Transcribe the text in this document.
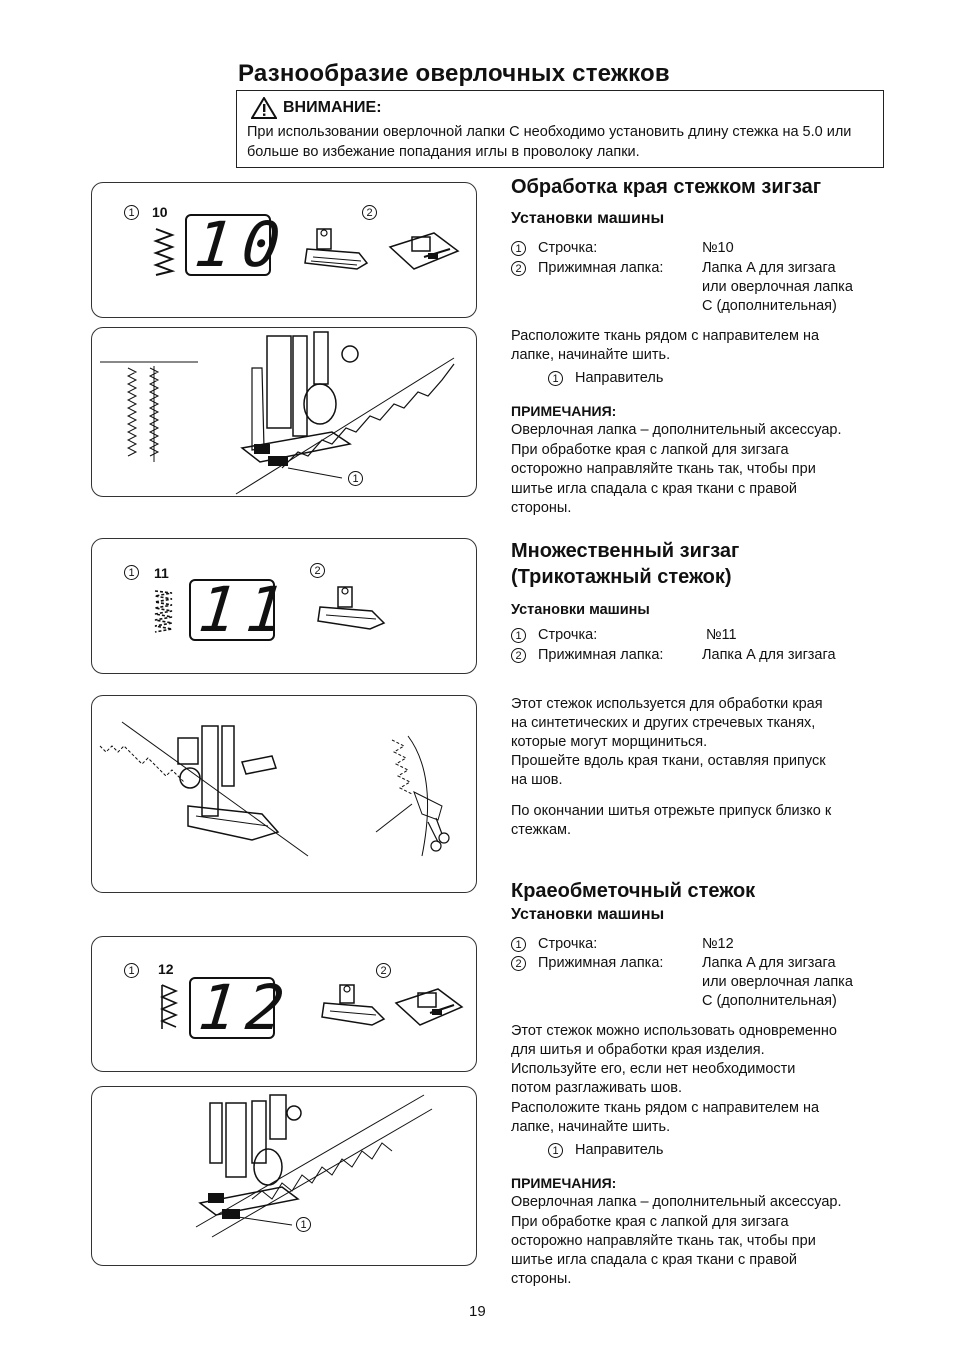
Разнообразие оверлочных стежков
ВНИМАНИЕ:
При использовании оверлочной лапки С необходимо установить длину стежка на 5.0 или больше во избежание попадания иглы в проволоку лапки.
1	10 10	2
1
Обработка края стежком зигзаг
Установки машины
1	Строчка:	№10
2	Прижимная лапка:	Лапка A для зигзага
или оверлочная лапка
С (дополнительная)
Расположите ткань рядом с направителем на
лапке, начинайте шить.
1	Направитель
ПРИМЕЧАНИЯ:
Оверлочная лапка – дополнительный аксессуар.
При обработке края с лапкой для зигзага
осторожно направляйте ткань так, чтобы при
шитье игла спадала с края ткани с правой
стороны.
1	11 11
2
Множественный зигзаг
(Трикотажный стежок)
Установки машины
1	Строчка:	№11
2	Прижимная лапка:	Лапка A для зигзага
Этот стежок используется для обработки края
на синтетических и других стречевых тканях,
которые могут морщиниться.
Прошейте вдоль края ткани, оставляя припуск
на шов.
По окончании шитья отрежьте припуск близко к
стежкам.
1	12
12	2
1
Краеобметочный стежок
Установки машины
1	Строчка:	№12
2	Прижимная лапка:	Лапка A для зигзага
или оверлочная лапка
С (дополнительная)
Этот стежок можно использовать одновременно
для шитья и обработки края изделия.
Используйте его, если нет необходимости
потом разглаживать шов.
Расположите ткань рядом с направителем на
лапке, начинайте шить.
1	Направитель
ПРИМЕЧАНИЯ:
Оверлочная лапка – дополнительный аксессуар.
При обработке края с лапкой для зигзага
осторожно направляйте ткань так, чтобы при
шитье игла спадала с края ткани с правой
стороны.
19
